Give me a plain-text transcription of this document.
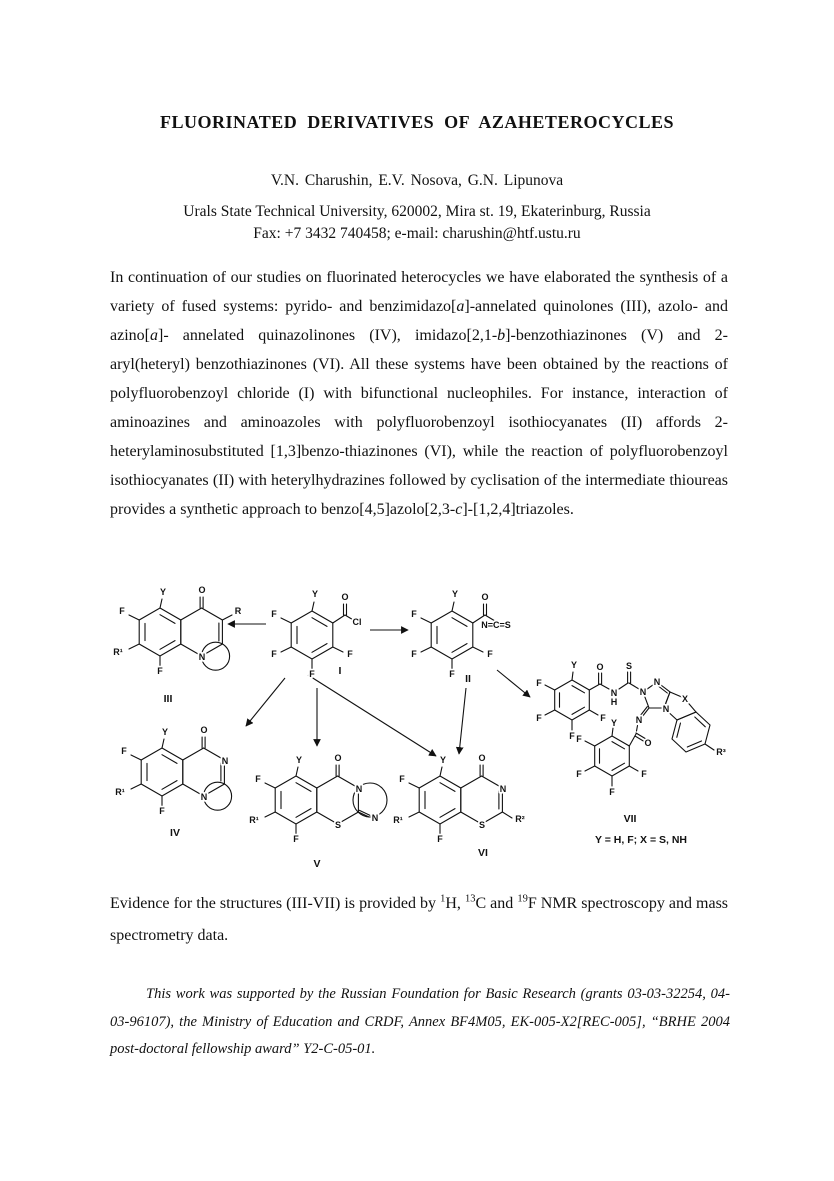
FLUORINATED DERIVATIVES OF AZAHETEROCYCLES
V.N. Charushin, E.V. Nosova, G.N. Lipunova
Urals State Technical University, 620002, Mira st. 19, Ekaterinburg, Russia
Fax: +7 3432 740458; e-mail: charushin@htf.ustu.ru

In continuation of our studies on fluorinated heterocycles we have elaborated the synthesis of a variety of fused systems: pyrido- and benzimidazo[a]-annelated quinolones (III), azolo- and azino[a]- annelated quinazolinones (IV), imidazo[2,1-b]-benzothiazinones (V) and 2-aryl(heteryl) benzothiazinones (VI). All these systems have been obtained by the reactions of polyfluorobenzoyl chloride (I) with bifunctional nucleophiles. For instance, interaction of aminoazines and aminoazoles with polyfluorobenzoyl isothiocyanates (II) affords 2-heterylaminosubstituted [1,3]benzo-thiazinones (VI), while the reaction of polyfluorobenzoyl isothiocyanates (II) with heterylhydrazines followed by cyclisation of the intermediate thioureas provides a synthetic approach to benzo[4,5]azolo[2,3-c]-[1,2,4]triazoles.

Y	O
Cl
F
F
F
F
I
Y	O
N=C=S
F
F
F
F
II
Y	O
R
N
F
R¹
F
III
Y	O
N
N
F
R¹
F
IV
Y	O
N
S
N
F
R¹
F
V
Y	O
N
S
R²
F
R¹
F
VI
Y
F
F
F
F
O
N
H
S
N
N
N
X
N
O
Y
F
F
F
F
R³
VII
Y = H, F; X = S, NH

Evidence for the structures (III-VII) is provided by $^1$H, $^{13}$C and $^{19}$F NMR spectroscopy and mass spectrometry data.

This work was supported by the Russian Foundation for Basic Research (grants 03-03-32254, 04-03-96107), the Ministry of Education and CRDF, Annex BF4M05, EK-005-X2[REC-005], “BRHE 2004 post-doctoral fellowship award” Y2-C-05-01.
